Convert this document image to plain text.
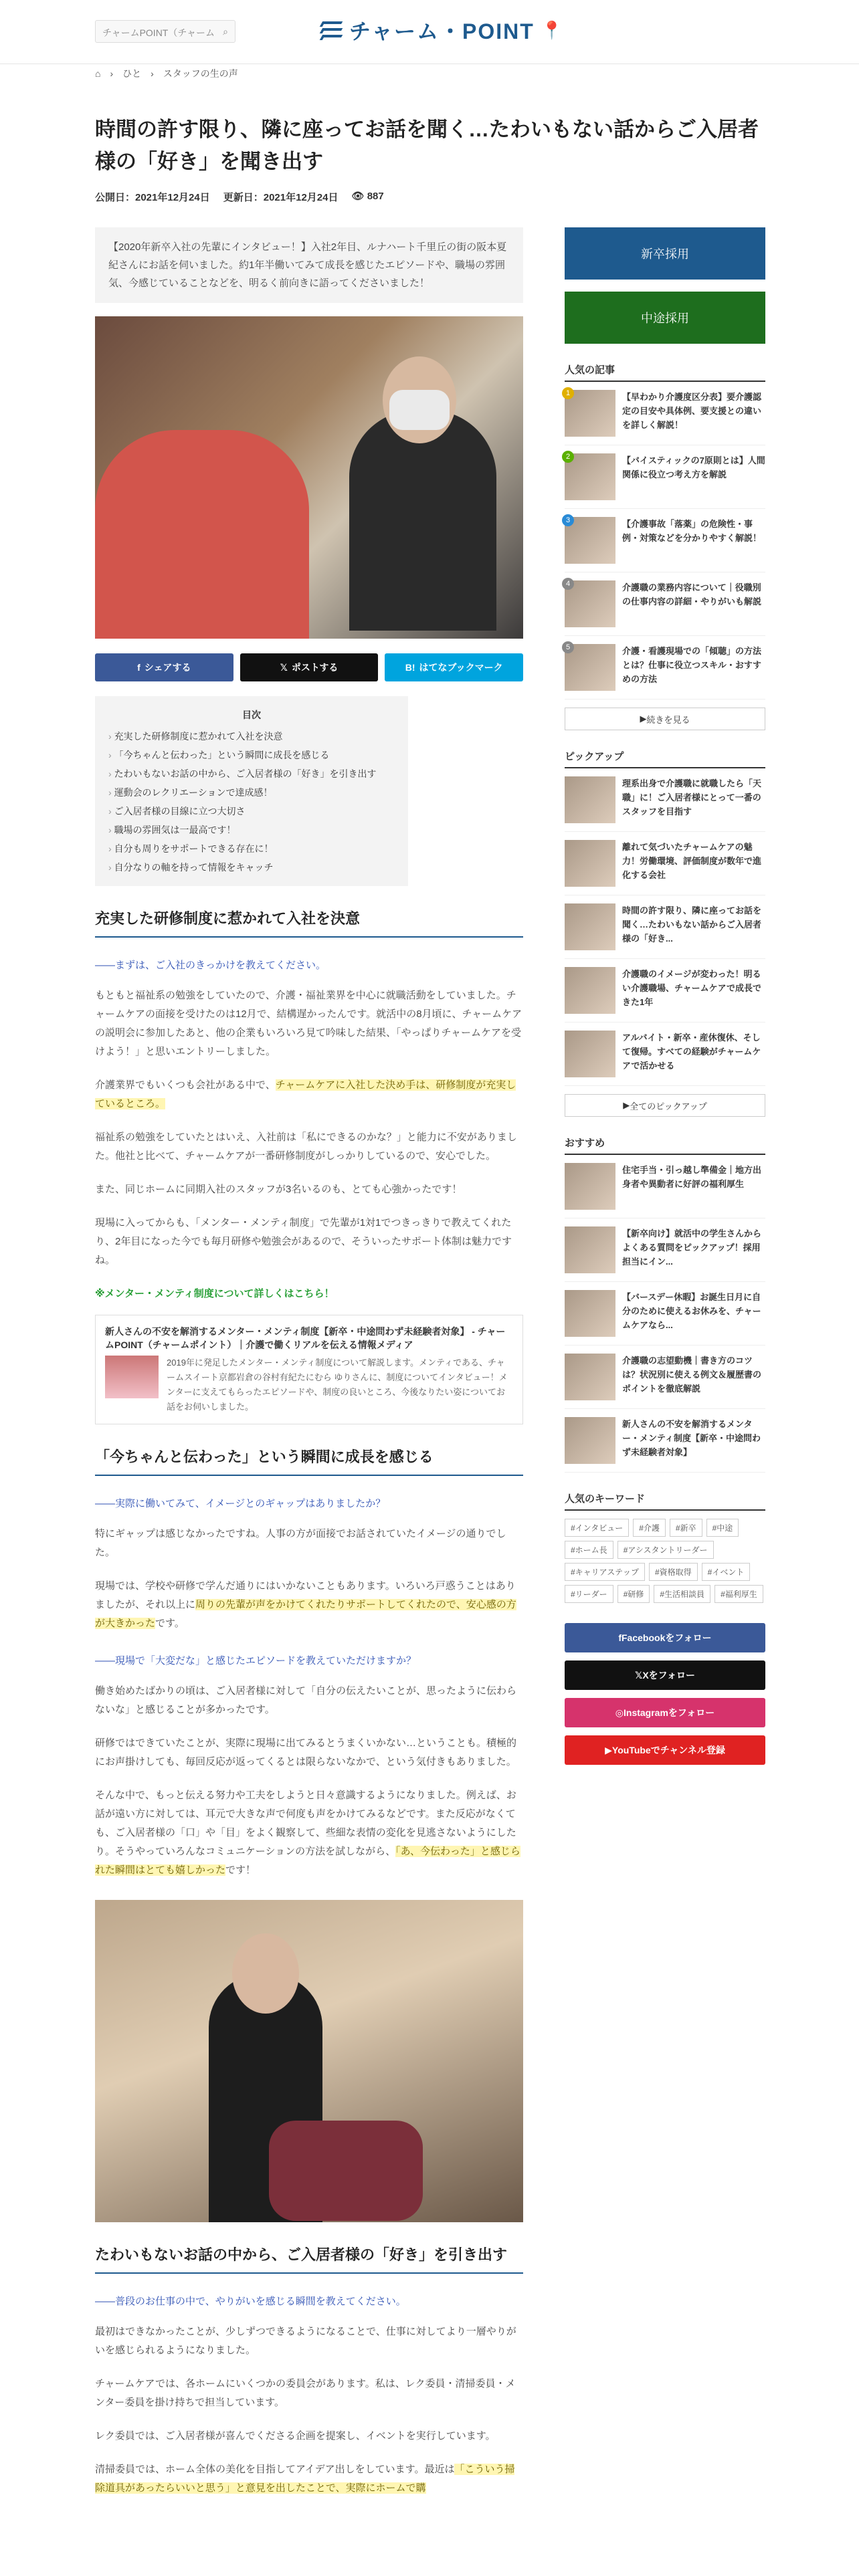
チャームPOINT（チャーム ⌕	チャーム・POINT 📍
⌂ › ひと › スタッフの生の声
時間の許す限り、隣に座ってお話を聞く…たわいもない話からご入居者様の「好き」を聞き出す
公開日：2021年12月24日 更新日：2021年12月24日 👁 887
【2020年新卒入社の先輩にインタビュー！】入社2年目、ルナハート千里丘の街の阪本夏紀さんにお話を伺いました。約1年半働いてみて成長を感じたエピソードや、職場の雰囲気、今感じていることなどを、明るく前向きに語ってくださいました！
f シェアする	𝕏 ポストする	B! はてなブックマーク
目次
› 充実した研修制度に惹かれて入社を決意
› 「今ちゃんと伝わった」という瞬間に成長を感じる
› たわいもないお話の中から、ご入居者様の「好き」を引き出す
› 運動会のレクリエーションで達成感！
› ご入居者様の目線に立つ大切さ
› 職場の雰囲気は一最高です！
› 自分も周りをサポートできる存在に！
› 自分なりの軸を持って情報をキャッチ
充実した研修制度に惹かれて入社を決意
――まずは、ご入社のきっかけを教えてください。

もともと福祉系の勉強をしていたので、介護・福祉業界を中心に就職活動をしていました。チャームケアの面接を受けたのは12月で、結構遅かったんです。就活中の8月頃に、チャームケアの説明会に参加したあと、他の企業もいろいろ見て吟味した結果、「やっぱりチャームケアを受けよう！」と思いエントリーしました。

介護業界でもいくつも会社がある中で、チャームケアに入社した決め手は、研修制度が充実しているところ。

福祉系の勉強をしていたとはいえ、入社前は「私にできるのかな？」と能力に不安がありました。他社と比べて、チャームケアが一番研修制度がしっかりしているので、安心でした。

また、同じホームに同期入社のスタッフが3名いるのも、とても心強かったです！

現場に入ってからも、「メンター・メンティ制度」で先輩が1対1でつきっきりで教えてくれたり、2年目になった今でも毎月研修や勉強会があるので、そういったサポート体制は魅力ですね。

※メンター・メンティ制度について詳しくはこちら！
新人さんの不安を解消するメンター・メンティ制度【新卒・中途問わず未経験者対象】 - チャームPOINT（チャームポイント）｜介護で働くリアルを伝える情報メディア
2019年に発足したメンター・メンティ制度について解説します。メンティである、チャームスイート京都岩倉の谷村有紀たにむら ゆりさんに、制度についてインタビュー！メンターに支えてもらったエピソードや、制度の良いところ、今後なりたい姿についてお話をお伺いしました。
「今ちゃんと伝わった」という瞬間に成長を感じる
――実際に働いてみて、イメージとのギャップはありましたか？

特にギャップは感じなかったですね。人事の方が面接でお話されていたイメージの通りでした。

現場では、学校や研修で学んだ通りにはいかないこともあります。いろいろ戸惑うことはありましたが、それ以上に周りの先輩が声をかけてくれたりサポートしてくれたので、安心感の方が大きかったです。

――現場で「大変だな」と感じたエピソードを教えていただけますか？

働き始めたばかりの頃は、ご入居者様に対して「自分の伝えたいことが、思ったように伝わらないな」と感じることが多かったです。

研修ではできていたことが、実際に現場に出てみるとうまくいかない…ということも。積極的にお声掛けしても、毎回反応が返ってくるとは限らないなかで、という気付きもありました。

そんな中で、もっと伝える努力や工夫をしようと日々意識するようになりました。例えば、お話が遠い方に対しては、耳元で大きな声で何度も声をかけてみるなどです。また反応がなくても、ご入居者様の「口」や「目」をよく観察して、些細な表情の変化を見逃さないようにしたり。そうやっていろんなコミュニケーションの方法を試しながら、「あ、今伝わった」と感じられた瞬間はとても嬉しかったです！

たわいもないお話の中から、ご入居者様の「好き」を引き出す
――普段のお仕事の中で、やりがいを感じる瞬間を教えてください。

最初はできなかったことが、少しずつできるようになることで、仕事に対してより一層やりがいを感じられるようになりました。

チャームケアでは、各ホームにいくつかの委員会があります。私は、レク委員・清掃委員・メンター委員を掛け持ちで担当しています。

レク委員では、ご入居者様が喜んでくださる企画を提案し、イベントを実行しています。

清掃委員では、ホーム全体の美化を目指してアイデア出しをしています。最近は「こういう掃除道具があったらいいと思う」と意見を出したことで、実際にホームで購

新卒採用
中途採用
人気の記事
1	【早わかり介護度区分表】要介護認定の目安や具体例、要支援との違いを詳しく解説！
2	【バイスティックの7原則とは】人間関係に役立つ考え方を解説
3	【介護事故「落薬」の危険性・事例・対策などを分かりやすく解説！
4	介護職の業務内容について｜役職別の仕事内容の詳細・やりがいも解説
5	介護・看護現場での「傾聴」の方法とは？仕事に役立つスキル・おすすめの方法
▶ 続きを見る
ピックアップ
理系出身で介護職に就職したら「天職」に！ご入居者様にとって一番のスタッフを目指す
離れて気づいたチャームケアの魅力！労働環境、評価制度が数年で進化する会社
時間の許す限り、隣に座ってお話を聞く…たわいもない話からご入居者様の「好き...
介護職のイメージが変わった！明るい介護職場、チャームケアで成長できた1年
アルバイト・新卒・産休復休、そして復帰。すべての経験がチャームケアで活かせる
▶ 全てのピックアップ
おすすめ
住宅手当・引っ越し準備金｜地方出身者や異動者に好評の福利厚生
【新卒向け】就活中の学生さんからよくある質問をピックアップ！採用担当にイン...
【バースデー休暇】お誕生日月に自分のために使えるお休みを、チャームケアなら...
介護職の志望動機｜書き方のコツは？状況別に使える例文＆履歴書のポイントを徹底解説
新人さんの不安を解消するメンター・メンティ制度【新卒・中途問わず未経験者対象】
人気のキーワード
#インタビュー	#介護	#新卒	#中途
#ホーム長	#アシスタントリーダー
#キャリアステップ	#資格取得	#イベント
#リーダー	#研修	#生活相談員	#福利厚生
f Facebookをフォロー
𝕏 Xをフォロー
◎ Instagramをフォロー
▶ YouTubeでチャンネル登録
